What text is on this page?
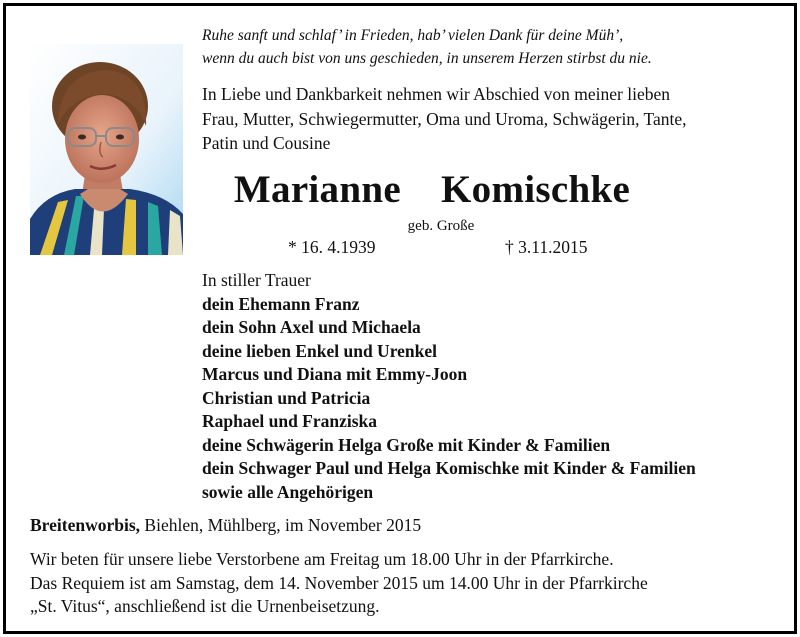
Ruhe sanft und schlaf’ in Frieden, hab’ vielen Dank für deine Müh’,
wenn du auch bist von uns geschieden, in unserem Herzen stirbst du nie.
In Liebe und Dankbarkeit nehmen wir Abschied von meiner lieben
Frau, Mutter, Schwiegermutter, Oma und Uroma, Schwägerin, Tante,
Patin und Cousine
Marianne  Komischke
geb. Große
* 16. 4.1939	† 3.11.2015
In stiller Trauer
dein Ehemann Franz
dein Sohn Axel und Michaela
deine lieben Enkel und Urenkel
Marcus und Diana mit Emmy-Joon
Christian und Patricia
Raphael und Franziska
deine Schwägerin Helga Große mit Kinder & Familien
dein Schwager Paul und Helga Komischke mit Kinder & Familien
sowie alle Angehörigen
Breitenworbis, Biehlen, Mühlberg, im November 2015
Wir beten für unsere liebe Verstorbene am Freitag um 18.00 Uhr in der Pfarrkirche.
Das Requiem ist am Samstag, dem 14. November 2015 um 14.00 Uhr in der Pfarrkirche
„St. Vitus“, anschließend ist die Urnenbeisetzung.
